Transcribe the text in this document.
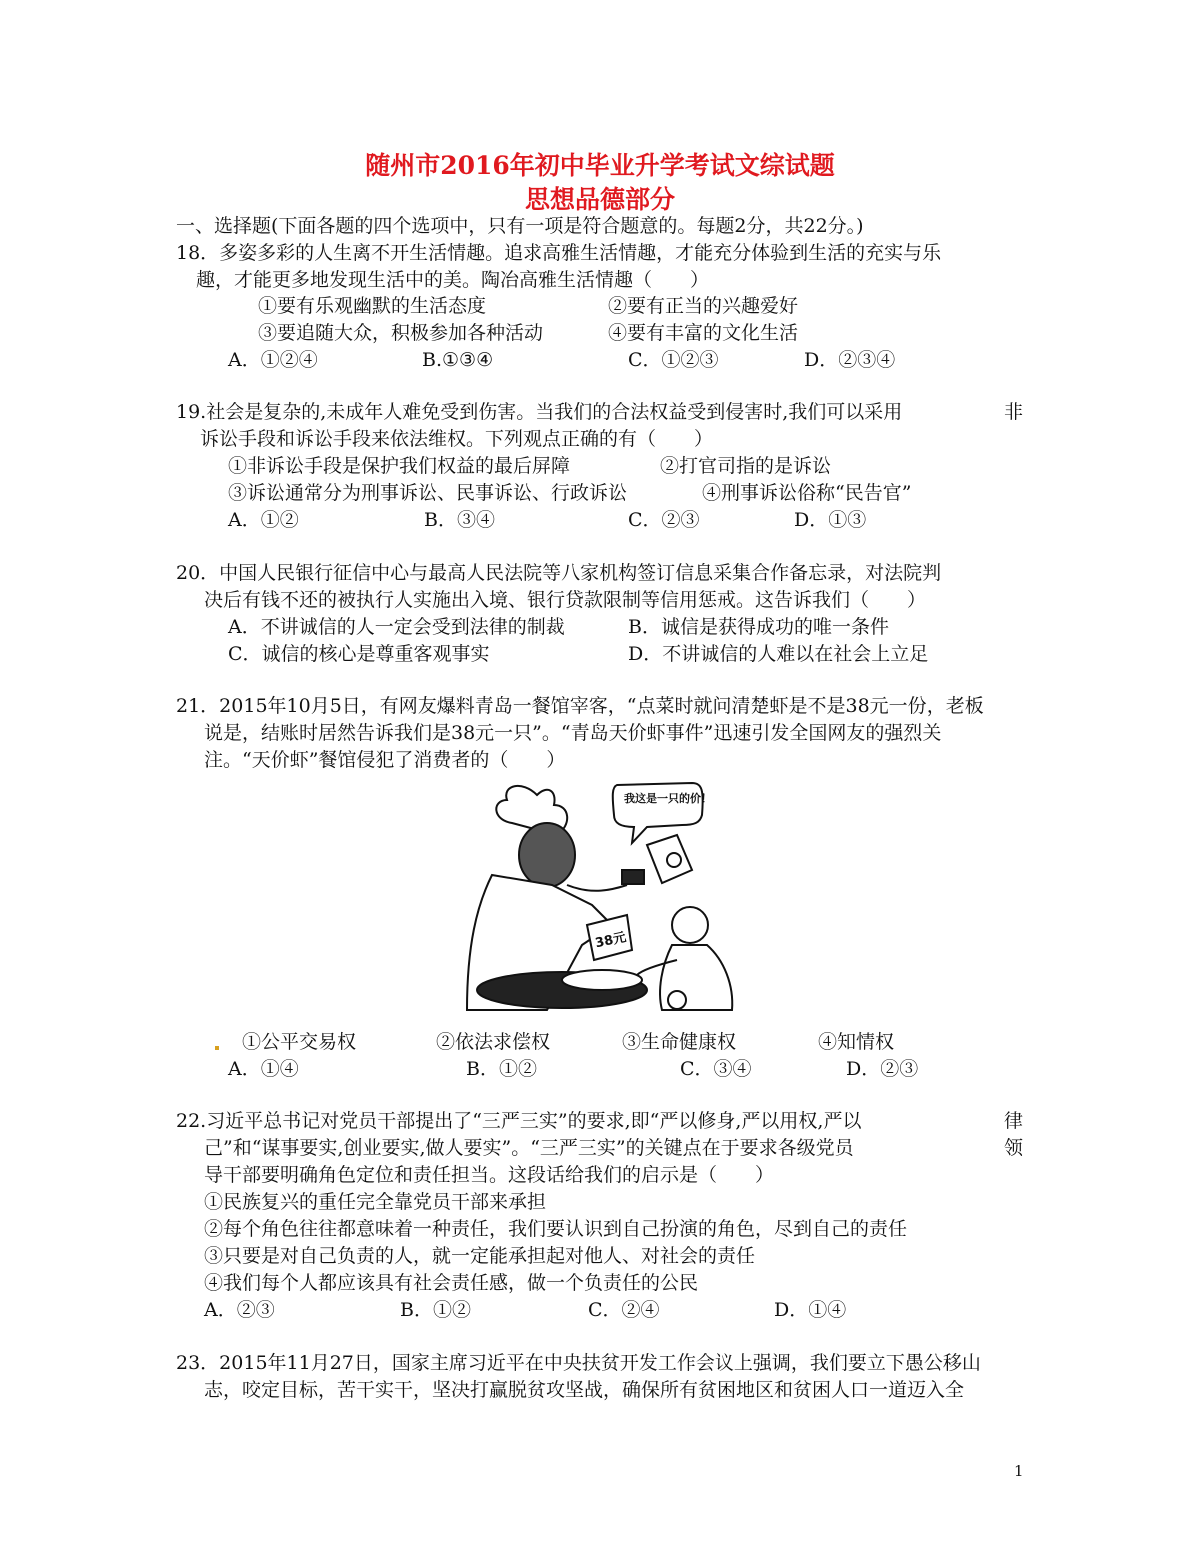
随州市2016年初中毕业升学考试文综试题
思想品德部分
一、选择题(下面各题的四个选项中，只有一项是符合题意的。每题2分，共22分。)
18．多姿多彩的人生离不开生活情趣。追求高雅生活情趣，才能充分体验到生活的充实与乐
趣，才能更多地发现生活中的美。陶冶高雅生活情趣（　　）
①要有乐观幽默的生活态度	②要有正当的兴趣爱好
③要追随大众，积极参加各种活动	④要有丰富的文化生活
A．①②④	B.①③④	C．①②③	D．②③④
19.社会是复杂的,未成年人难免受到伤害。当我们的合法权益受到侵害时,我们可以采用	非
诉讼手段和诉讼手段来依法维权。下列观点正确的有（　　）
①非诉讼手段是保护我们权益的最后屏障	②打官司指的是诉讼
③诉讼通常分为刑事诉讼、民事诉讼、行政诉讼	④刑事诉讼俗称“民告官”
A．①②	B．③④	C．②③	D．①③
20．中国人民银行征信中心与最高人民法院等八家机构签订信息采集合作备忘录，对法院判
决后有钱不还的被执行人实施出入境、银行贷款限制等信用惩戒。这告诉我们（　　）
A．不讲诚信的人一定会受到法律的制裁	B．诚信是获得成功的唯一条件
C．诚信的核心是尊重客观事实	D．不讲诚信的人难以在社会上立足
21．2015年10月5日，有网友爆料青岛一餐馆宰客，“点菜时就问清楚虾是不是38元一份，老板
说是，结账时居然告诉我们是38元一只”。“青岛天价虾事件”迅速引发全国网友的强烈关
注。“天价虾”餐馆侵犯了消费者的（　　）
我这是一只的价！
38元
①公平交易权	②依法求偿权	③生命健康权	④知情权
A．①④	B．①②	C．③④	D．②③
22.习近平总书记对党员干部提出了“三严三实”的要求,即“严以修身,严以用权,严以	律
己”和“谋事要实,创业要实,做人要实”。“三严三实”的关键点在于要求各级党员	领
导干部要明确角色定位和责任担当。这段话给我们的启示是（　　）
①民族复兴的重任完全靠党员干部来承担
②每个角色往往都意味着一种责任，我们要认识到自己扮演的角色，尽到自己的责任
③只要是对自己负责的人，就一定能承担起对他人、对社会的责任
④我们每个人都应该具有社会责任感，做一个负责任的公民
A．②③	B．①②	C．②④	D．①④
23．2015年11月27日，国家主席习近平在中央扶贫开发工作会议上强调，我们要立下愚公移山
志，咬定目标，苦干实干，坚决打赢脱贫攻坚战，确保所有贫困地区和贫困人口一道迈入全
1
